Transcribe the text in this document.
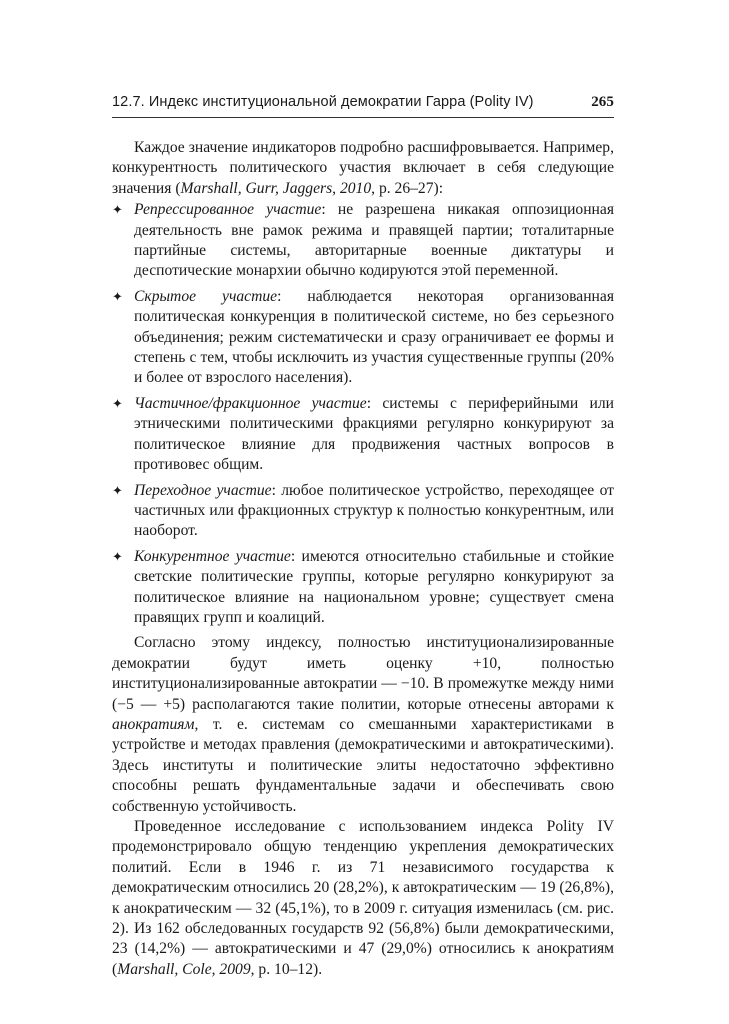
12.7. Индекс институциональной демократии Гарра (Polity IV)	265

Каждое значение индикаторов подробно расшифровывается. Например, конкурентность политического участия включает в себя следующие значения (Marshall, Gurr, Jaggers, 2010, p. 26–27):

✦ Репрессированное участие: не разрешена никакая оппозиционная деятельность вне рамок режима и правящей партии; тоталитарные партийные системы, авторитарные военные диктатуры и деспотические монархии обычно кодируются этой переменной.
✦ Скрытое участие: наблюдается некоторая организованная политическая конкуренция в политической системе, но без серьезного объединения; режим систематически и сразу ограничивает ее формы и степень с тем, чтобы исключить из участия существенные группы (20% и более от взрослого населения).
✦ Частичное/фракционное участие: системы с периферийными или этническими политическими фракциями регулярно конкурируют за политическое влияние для продвижения частных вопросов в противовес общим.
✦ Переходное участие: любое политическое устройство, переходящее от частичных или фракционных структур к полностью конкурентным, или наоборот.
✦ Конкурентное участие: имеются относительно стабильные и стойкие светские политические группы, которые регулярно конкурируют за политическое влияние на национальном уровне; существует смена правящих групп и коалиций.

Согласно этому индексу, полностью институционализированные демократии будут иметь оценку +10, полностью институционализированные автократии — −10. В промежутке между ними (−5 — +5) располагаются такие политии, которые отнесены авторами к анократиям, т. е. системам со смешанными характеристиками в устройстве и методах правления (демократическими и автократическими). Здесь институты и политические элиты недостаточно эффективно способны решать фундаментальные задачи и обеспечивать свою собственную устойчивость.

Проведенное исследование с использованием индекса Polity IV продемонстрировало общую тенденцию укрепления демократических политий. Если в 1946 г. из 71 независимого государства к демократическим относились 20 (28,2%), к автократическим — 19 (26,8%), к анократическим — 32 (45,1%), то в 2009 г. ситуация изменилась (см. рис. 2). Из 162 обследованных государств 92 (56,8%) были демократическими, 23 (14,2%) — автократическими и 47 (29,0%) относились к анократиям (Marshall, Cole, 2009, p. 10–12).
